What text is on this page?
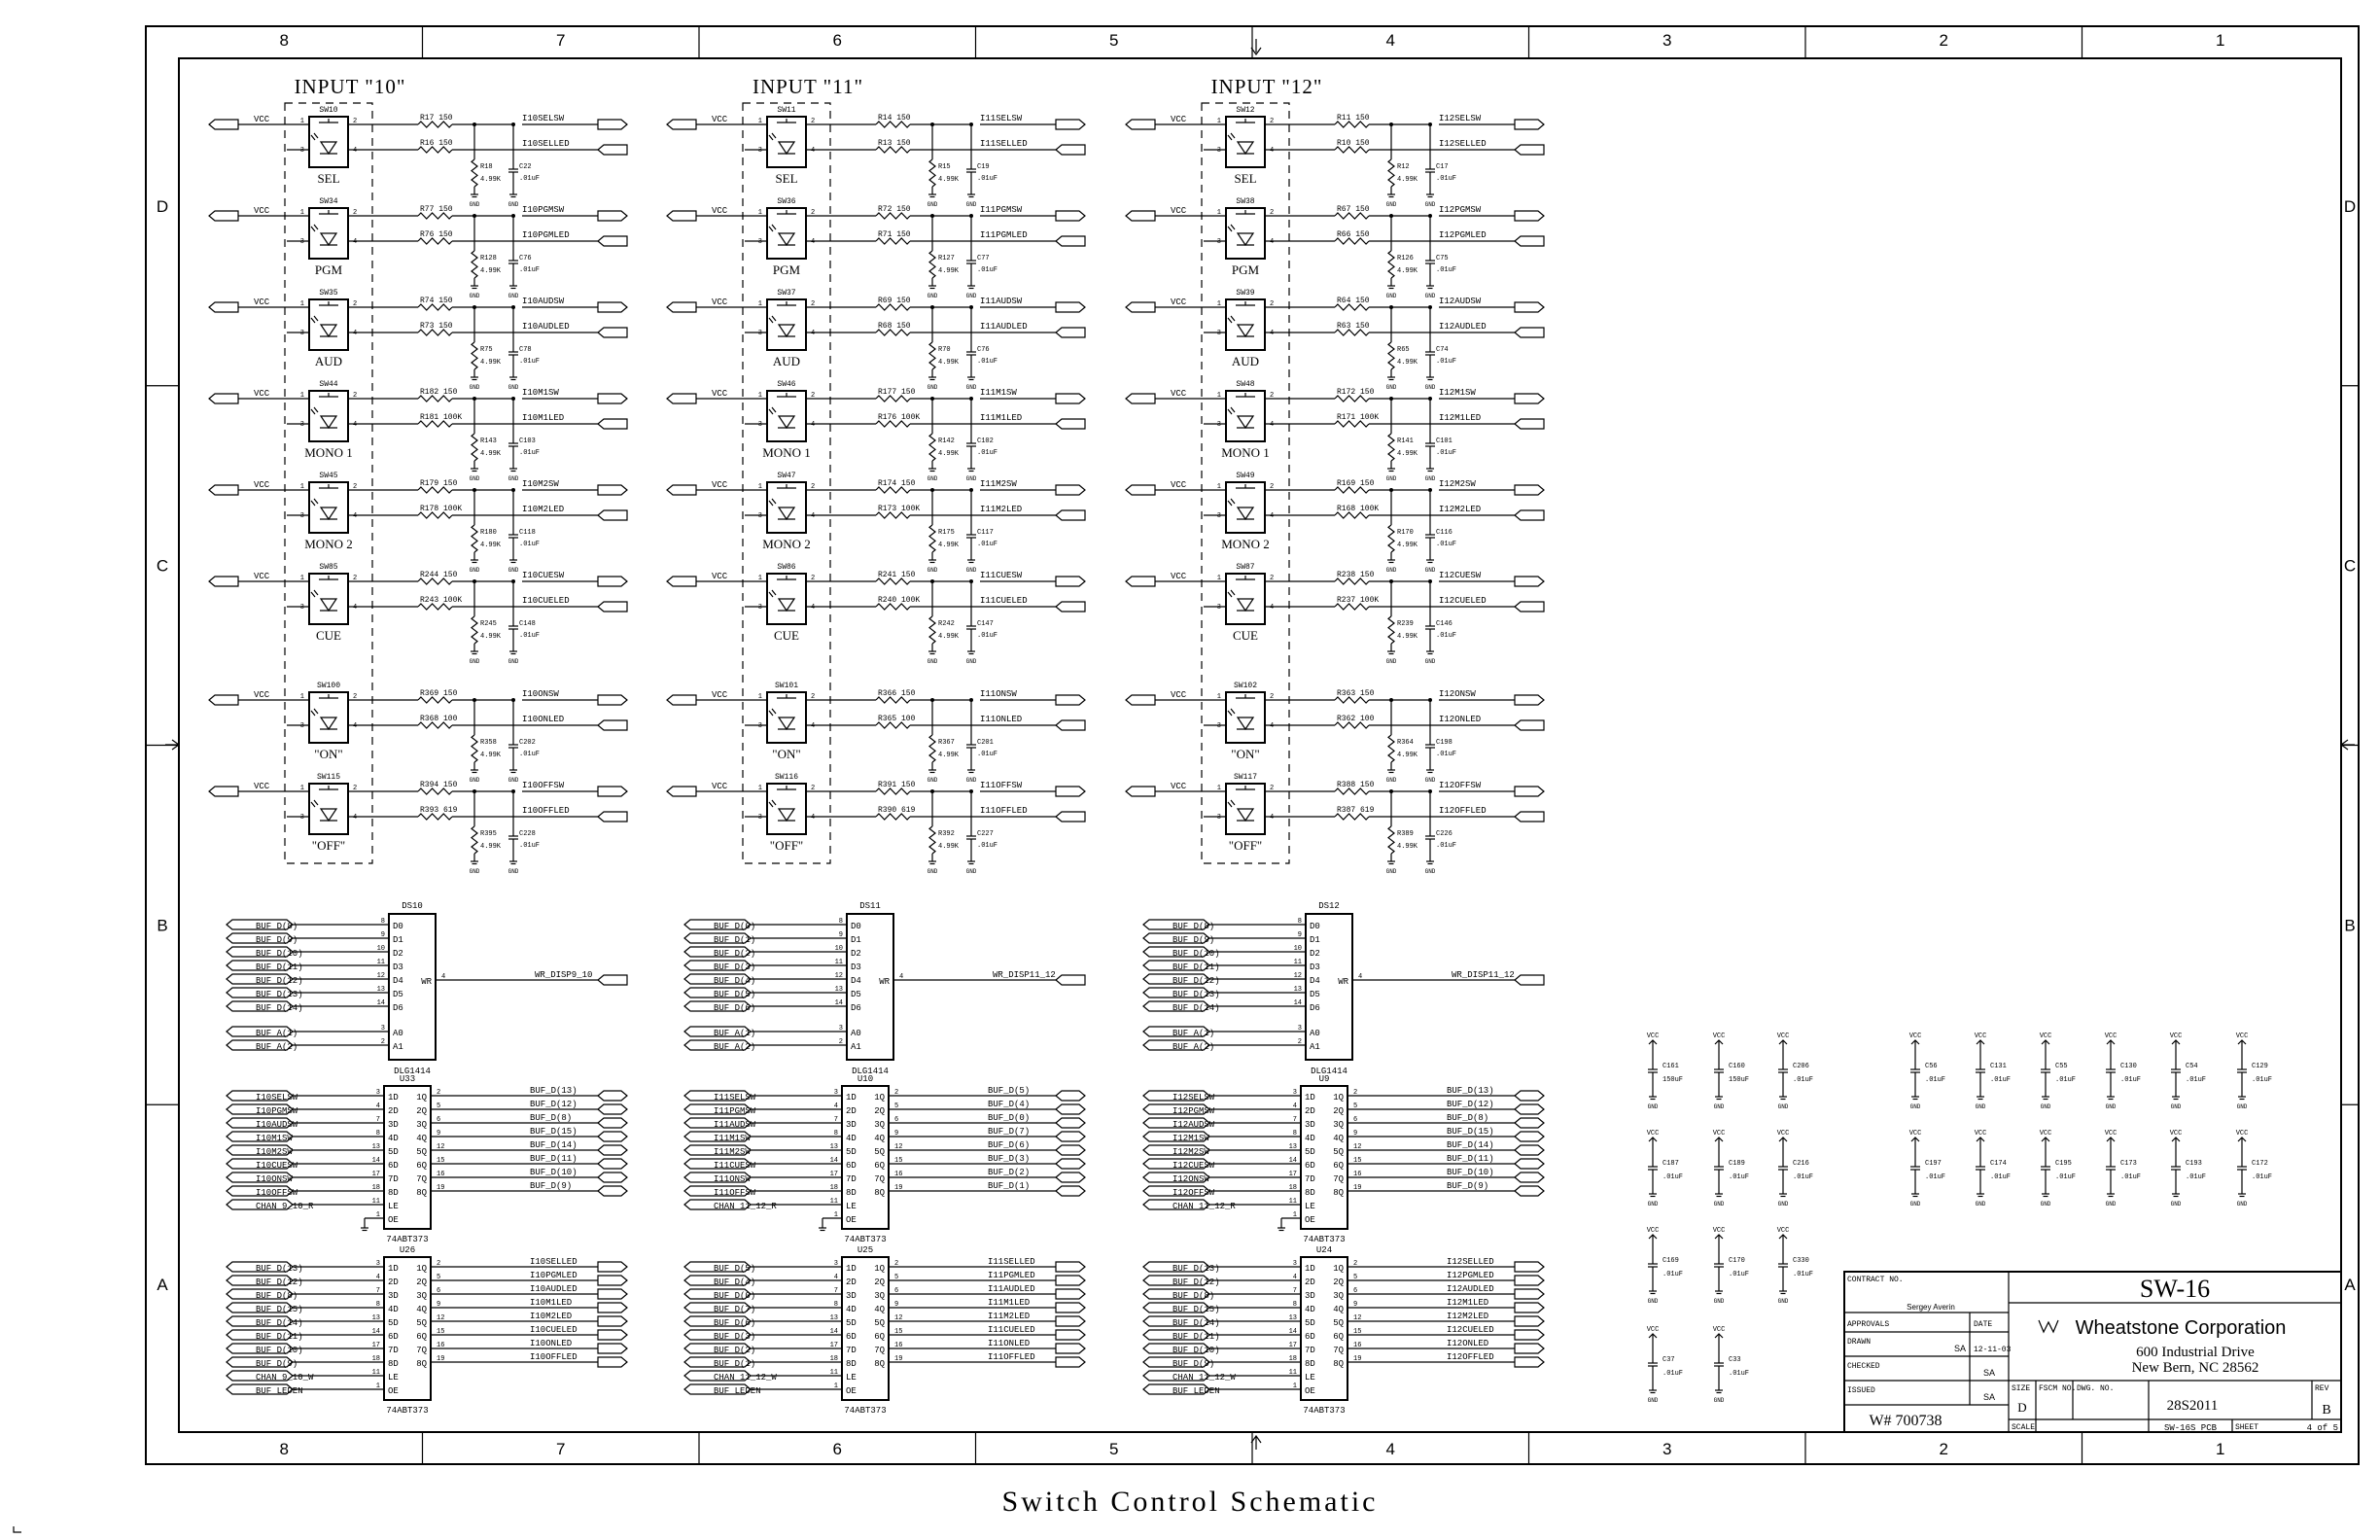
8
8
7
7
6
6
5
5
4
4
3
3
2
2
1
1
D	D
C	C
B	B
A	A
INPUT "10"
VCC
SW10
1
3
2
4
SEL
R17 150	I10SELSW
R16 150	I10SELLED
R18
4.99K
GND	GND
C22
.01uF
VCC
SW34
1
3
2
4
PGM
R77 150	I10PGMSW
R76 150	I10PGMLED
R128
4.99K
GND	GND
C76
.01uF
VCC
SW35
1
3
2
4
AUD
R74 150	I10AUDSW
R73 150	I10AUDLED
R75
4.99K
GND	GND
C78
.01uF
VCC
SW44
1
3
2
4
MONO 1
R182 150	I10M1SW
R181 100K	I10M1LED
R143
4.99K
GND	GND
C103
.01uF
VCC
SW45
1
3
2
4
MONO 2
R179 150	I10M2SW
R178 100K	I10M2LED
R180
4.99K
GND	GND
C118
.01uF
VCC
SW85
1
3
2
4
CUE
R244 150	I10CUESW
R243 100K	I10CUELED
R245
4.99K
GND	GND
C148
.01uF
VCC
SW100
1
3
2
4
"ON"
R369 150	I10ONSW
R368 100	I10ONLED
R358
4.99K
GND	GND
C202
.01uF
VCC
SW115
1
3
2
4
"OFF"
R394 150	I10OFFSW
R393 619	I10OFFLED
R395
4.99K
GND	GND
C228
.01uF
INPUT "11"
VCC
SW11
1
3
2
4
SEL
R14 150	I11SELSW
R13 150	I11SELLED
R15
4.99K
GND	GND
C19
.01uF
VCC
SW36
1
3
2
4
PGM
R72 150	I11PGMSW
R71 150	I11PGMLED
R127
4.99K
GND	GND
C77
.01uF
VCC
SW37
1
3
2
4
AUD
R69 150	I11AUDSW
R68 150	I11AUDLED
R70
4.99K
GND	GND
C76
.01uF
VCC
SW46
1
3
2
4
MONO 1
R177 150	I11M1SW
R176 100K	I11M1LED
R142
4.99K
GND	GND
C102
.01uF
VCC
SW47
1
3
2
4
MONO 2
R174 150	I11M2SW
R173 100K	I11M2LED
R175
4.99K
GND	GND
C117
.01uF
VCC
SW86
1
3
2
4
CUE
R241 150	I11CUESW
R240 100K	I11CUELED
R242
4.99K
GND	GND
C147
.01uF
VCC
SW101
1
3
2
4
"ON"
R366 150	I11ONSW
R365 100	I11ONLED
R367
4.99K
GND	GND
C201
.01uF
VCC
SW116
1
3
2
4
"OFF"
R391 150	I11OFFSW
R390 619	I11OFFLED
R392
4.99K
GND	GND
C227
.01uF
INPUT "12"
VCC
SW12
1
3
2
4
SEL
R11 150	I12SELSW
R10 150	I12SELLED
R12
4.99K
GND	GND
C17
.01uF
VCC
SW38
1
3
2
4
PGM
R67 150	I12PGMSW
R66 150	I12PGMLED
R126
4.99K
GND	GND
C75
.01uF
VCC
SW39
1
3
2
4
AUD
R64 150	I12AUDSW
R63 150	I12AUDLED
R65
4.99K
GND	GND
C74
.01uF
VCC
SW48
1
3
2
4
MONO 1
R172 150	I12M1SW
R171 100K	I12M1LED
R141
4.99K
GND	GND
C101
.01uF
VCC
SW49
1
3
2
4
MONO 2
R169 150	I12M2SW
R168 100K	I12M2LED
R170
4.99K
GND	GND
C116
.01uF
VCC
SW87
1
3
2
4
CUE
R238 150	I12CUESW
R237 100K	I12CUELED
R239
4.99K
GND	GND
C146
.01uF
VCC
SW102
1
3
2
4
"ON"
R363 150	I12ONSW
R362 100	I12ONLED
R364
4.99K
GND	GND
C198
.01uF
VCC
SW117
1
3
2
4
"OFF"
R388 150	I12OFFSW
R387 619	I12OFFLED
R389
4.99K
GND	GND
C226
.01uF
DS10
DLG1414
BUF_D(8)	8 D0
BUF_D(9)	9 D1
BUF_D(10)	10 D2
BUF_D(11)	11 D3
BUF_D(12)	12 D4
BUF_D(13)	13 D5
BUF_D(14)	14 D6
BUF_A(1)	3 A0
BUF_A(2)	2 A1
WR 4	WR_DISP9_10
DS11
DLG1414
BUF_D(0)	8 D0
BUF_D(1)	9 D1
BUF_D(2)	10 D2
BUF_D(3)	11 D3
BUF_D(4)	12 D4
BUF_D(5)	13 D5
BUF_D(6)	14 D6
BUF_A(1)	3 A0
BUF_A(2)	2 A1
WR 4	WR_DISP11_12
DS12
DLG1414
BUF_D(8)	8 D0
BUF_D(9)	9 D1
BUF_D(10)	10 D2
BUF_D(11)	11 D3
BUF_D(12)	12 D4
BUF_D(13)	13 D5
BUF_D(14)	14 D6
BUF_A(1)	3 A0
BUF_A(2)	2 A1
WR 4	WR_DISP11_12
U33
74ABT373
I10SELSW	3 1D
I10PGMSW	4 2D
I10AUDSW	7 3D
I10M1SW	8 4D
I10M2SW	13 5D
I10CUESW	14 6D
I10ONSW	17 7D
I10OFFSW	18 8D
1Q 2	BUF_D(13)
2Q 5	BUF_D(12)
3Q 6	BUF_D(8)
4Q 9	BUF_D(15)
5Q 12	BUF_D(14)
6Q 15	BUF_D(11)
7Q 16	BUF_D(10)
8Q 19	BUF_D(9)
CHAN_9_10_R	11 LE
1 OE
U10
74ABT373
I11SELSW	3 1D
I11PGMSW	4 2D
I11AUDSW	7 3D
I11M1SW	8 4D
I11M2SW	13 5D
I11CUESW	14 6D
I11ONSW	17 7D
I11OFFSW	18 8D
1Q 2	BUF_D(5)
2Q 5	BUF_D(4)
3Q 6	BUF_D(0)
4Q 9	BUF_D(7)
5Q 12	BUF_D(6)
6Q 15	BUF_D(3)
7Q 16	BUF_D(2)
8Q 19	BUF_D(1)
CHAN_11_12_R	11 LE
1 OE
U9
74ABT373
I12SELSW	3 1D
I12PGMSW	4 2D
I12AUDSW	7 3D
I12M1SW	8 4D
I12M2SW	13 5D
I12CUESW	14 6D
I12ONSW	17 7D
I12OFFSW	18 8D
1Q 2	BUF_D(13)
2Q 5	BUF_D(12)
3Q 6	BUF_D(8)
4Q 9	BUF_D(15)
5Q 12	BUF_D(14)
6Q 15	BUF_D(11)
7Q 16	BUF_D(10)
8Q 19	BUF_D(9)
CHAN_11_12_R	11 LE
1 OE
U26
74ABT373
BUF_D(13)	3 1D
BUF_D(12)	4 2D
BUF_D(8)	7 3D
BUF_D(15)	8 4D
BUF_D(14)	13 5D
BUF_D(11)	14 6D
BUF_D(10)	17 7D
BUF_D(9)	18 8D
1Q 2	I10SELLED
2Q 5	I10PGMLED
3Q 6	I10AUDLED
4Q 9	I10M1LED
5Q 12	I10M2LED
6Q 15	I10CUELED
7Q 16	I10ONLED
8Q 19	I10OFFLED
CHAN_9_10_W	11 LE
1 OE
BUF_LEDEN
U25
74ABT373
BUF_D(5)	3 1D
BUF_D(4)	4 2D
BUF_D(0)	7 3D
BUF_D(7)	8 4D
BUF_D(6)	13 5D
BUF_D(3)	14 6D
BUF_D(2)	17 7D
BUF_D(1)	18 8D
1Q 2	I11SELLED
2Q 5	I11PGMLED
3Q 6	I11AUDLED
4Q 9	I11M1LED
5Q 12	I11M2LED
6Q 15	I11CUELED
7Q 16	I11ONLED
8Q 19	I11OFFLED
CHAN_11_12_W	11 LE
1 OE
BUF_LEDEN
U24
74ABT373
BUF_D(13)	3 1D
BUF_D(12)	4 2D
BUF_D(8)	7 3D
BUF_D(15)	8 4D
BUF_D(14)	13 5D
BUF_D(11)	14 6D
BUF_D(10)	17 7D
BUF_D(9)	18 8D
1Q 2	I12SELLED
2Q 5	I12PGMLED
3Q 6	I12AUDLED
4Q 9	I12M1LED
5Q 12	I12M2LED
6Q 15	I12CUELED
7Q 16	I12ONLED
8Q 19	I12OFFLED
CHAN_11_12_W	11 LE
1 OE
BUF_LEDEN
VCC
GND
C161
150uF
VCC
GND
C160
150uF
VCC
GND
C206
.01uF
VCC
GND
C56
.01uF
VCC
GND
C131
.01uF
VCC
GND
C55
.01uF
VCC
GND
C130
.01uF
VCC
GND
C54
.01uF
VCC
GND
C129
.01uF
VCC
GND
C187
.01uF
VCC
GND
C189
.01uF
VCC
GND
C216
.01uF
VCC
GND
C197
.01uF
VCC
GND
C174
.01uF
VCC
GND
C195
.01uF
VCC
GND
C173
.01uF
VCC
GND
C193
.01uF
VCC
GND
C172
.01uF
VCC
GND
C169
.01uF
VCC
GND
C170
.01uF
VCC
GND
C330
.01uF
VCC
GND
C37
.01uF
VCC
GND
C33
.01uF
CONTRACT NO.
Sergey Averin
APPROVALS	DATE
DRAWN
SA 12-11-03
CHECKED
SA
ISSUED
SA
W# 700738
SW-16
Wheatstone Corporation
600 Industrial Drive
New Bern, NC 28562
SIZE
D
FSCM NO. DWG. NO.
28S2011
REV
B
SCALE	SW-16S PCB SHEET	4 of 5
Switch Control Schematic
